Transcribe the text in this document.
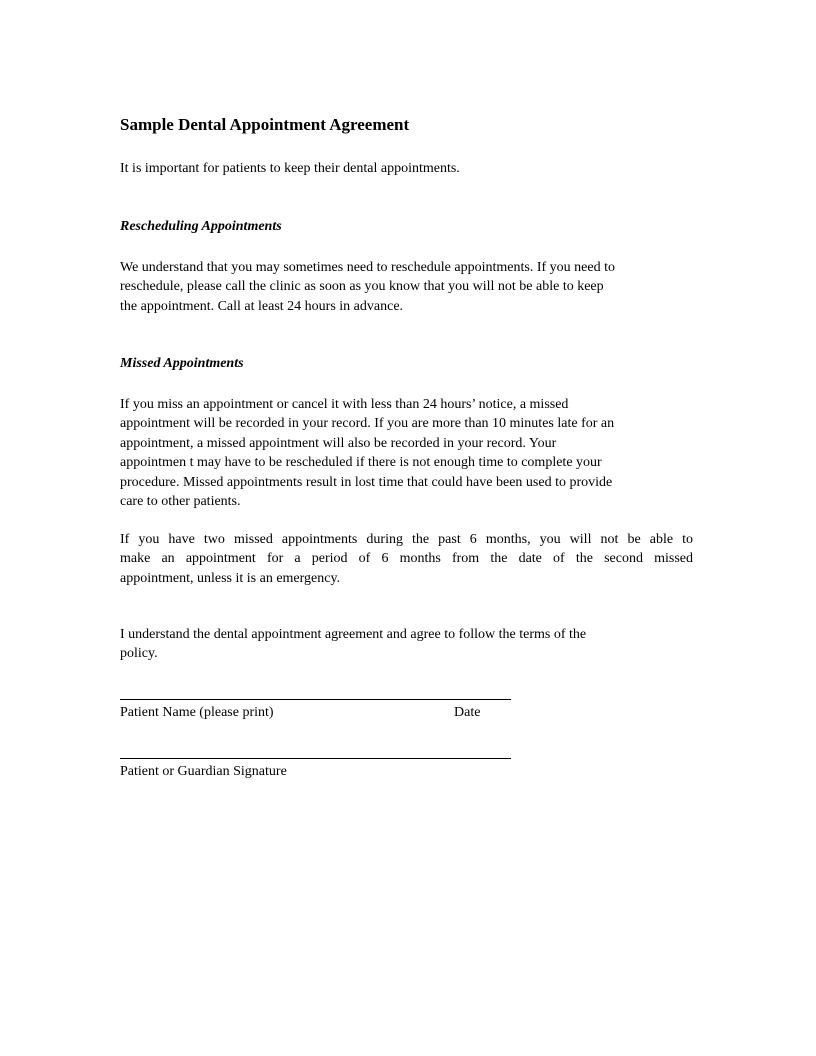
Sample Dental Appointment Agreement
It is important for patients to keep their dental appointments.
Rescheduling Appointments
We understand that you may sometimes need to reschedule appointments. If you need to
reschedule, please call the clinic as soon as you know that you will not be able to keep
the appointment. Call at least 24 hours in advance.
Missed Appointments
If you miss an appointment or cancel it with less than 24 hours’ notice, a missed
appointment will be recorded in your record. If you are more than 10 minutes late for an
appointment, a missed appointment will also be recorded in your record. Your
appointmen t may have to be rescheduled if there is not enough time to complete your
procedure. Missed appointments result in lost time that could have been used to provide
care to other patients.
If you have two missed appointments during the past 6 months, you will not be able to
make an appointment for a period of 6 months from the date of the second missed
appointment, unless it is an emergency.
I understand the dental appointment agreement and agree to follow the terms of the
policy.
Patient Name (please print)	Date
Patient or Guardian Signature
